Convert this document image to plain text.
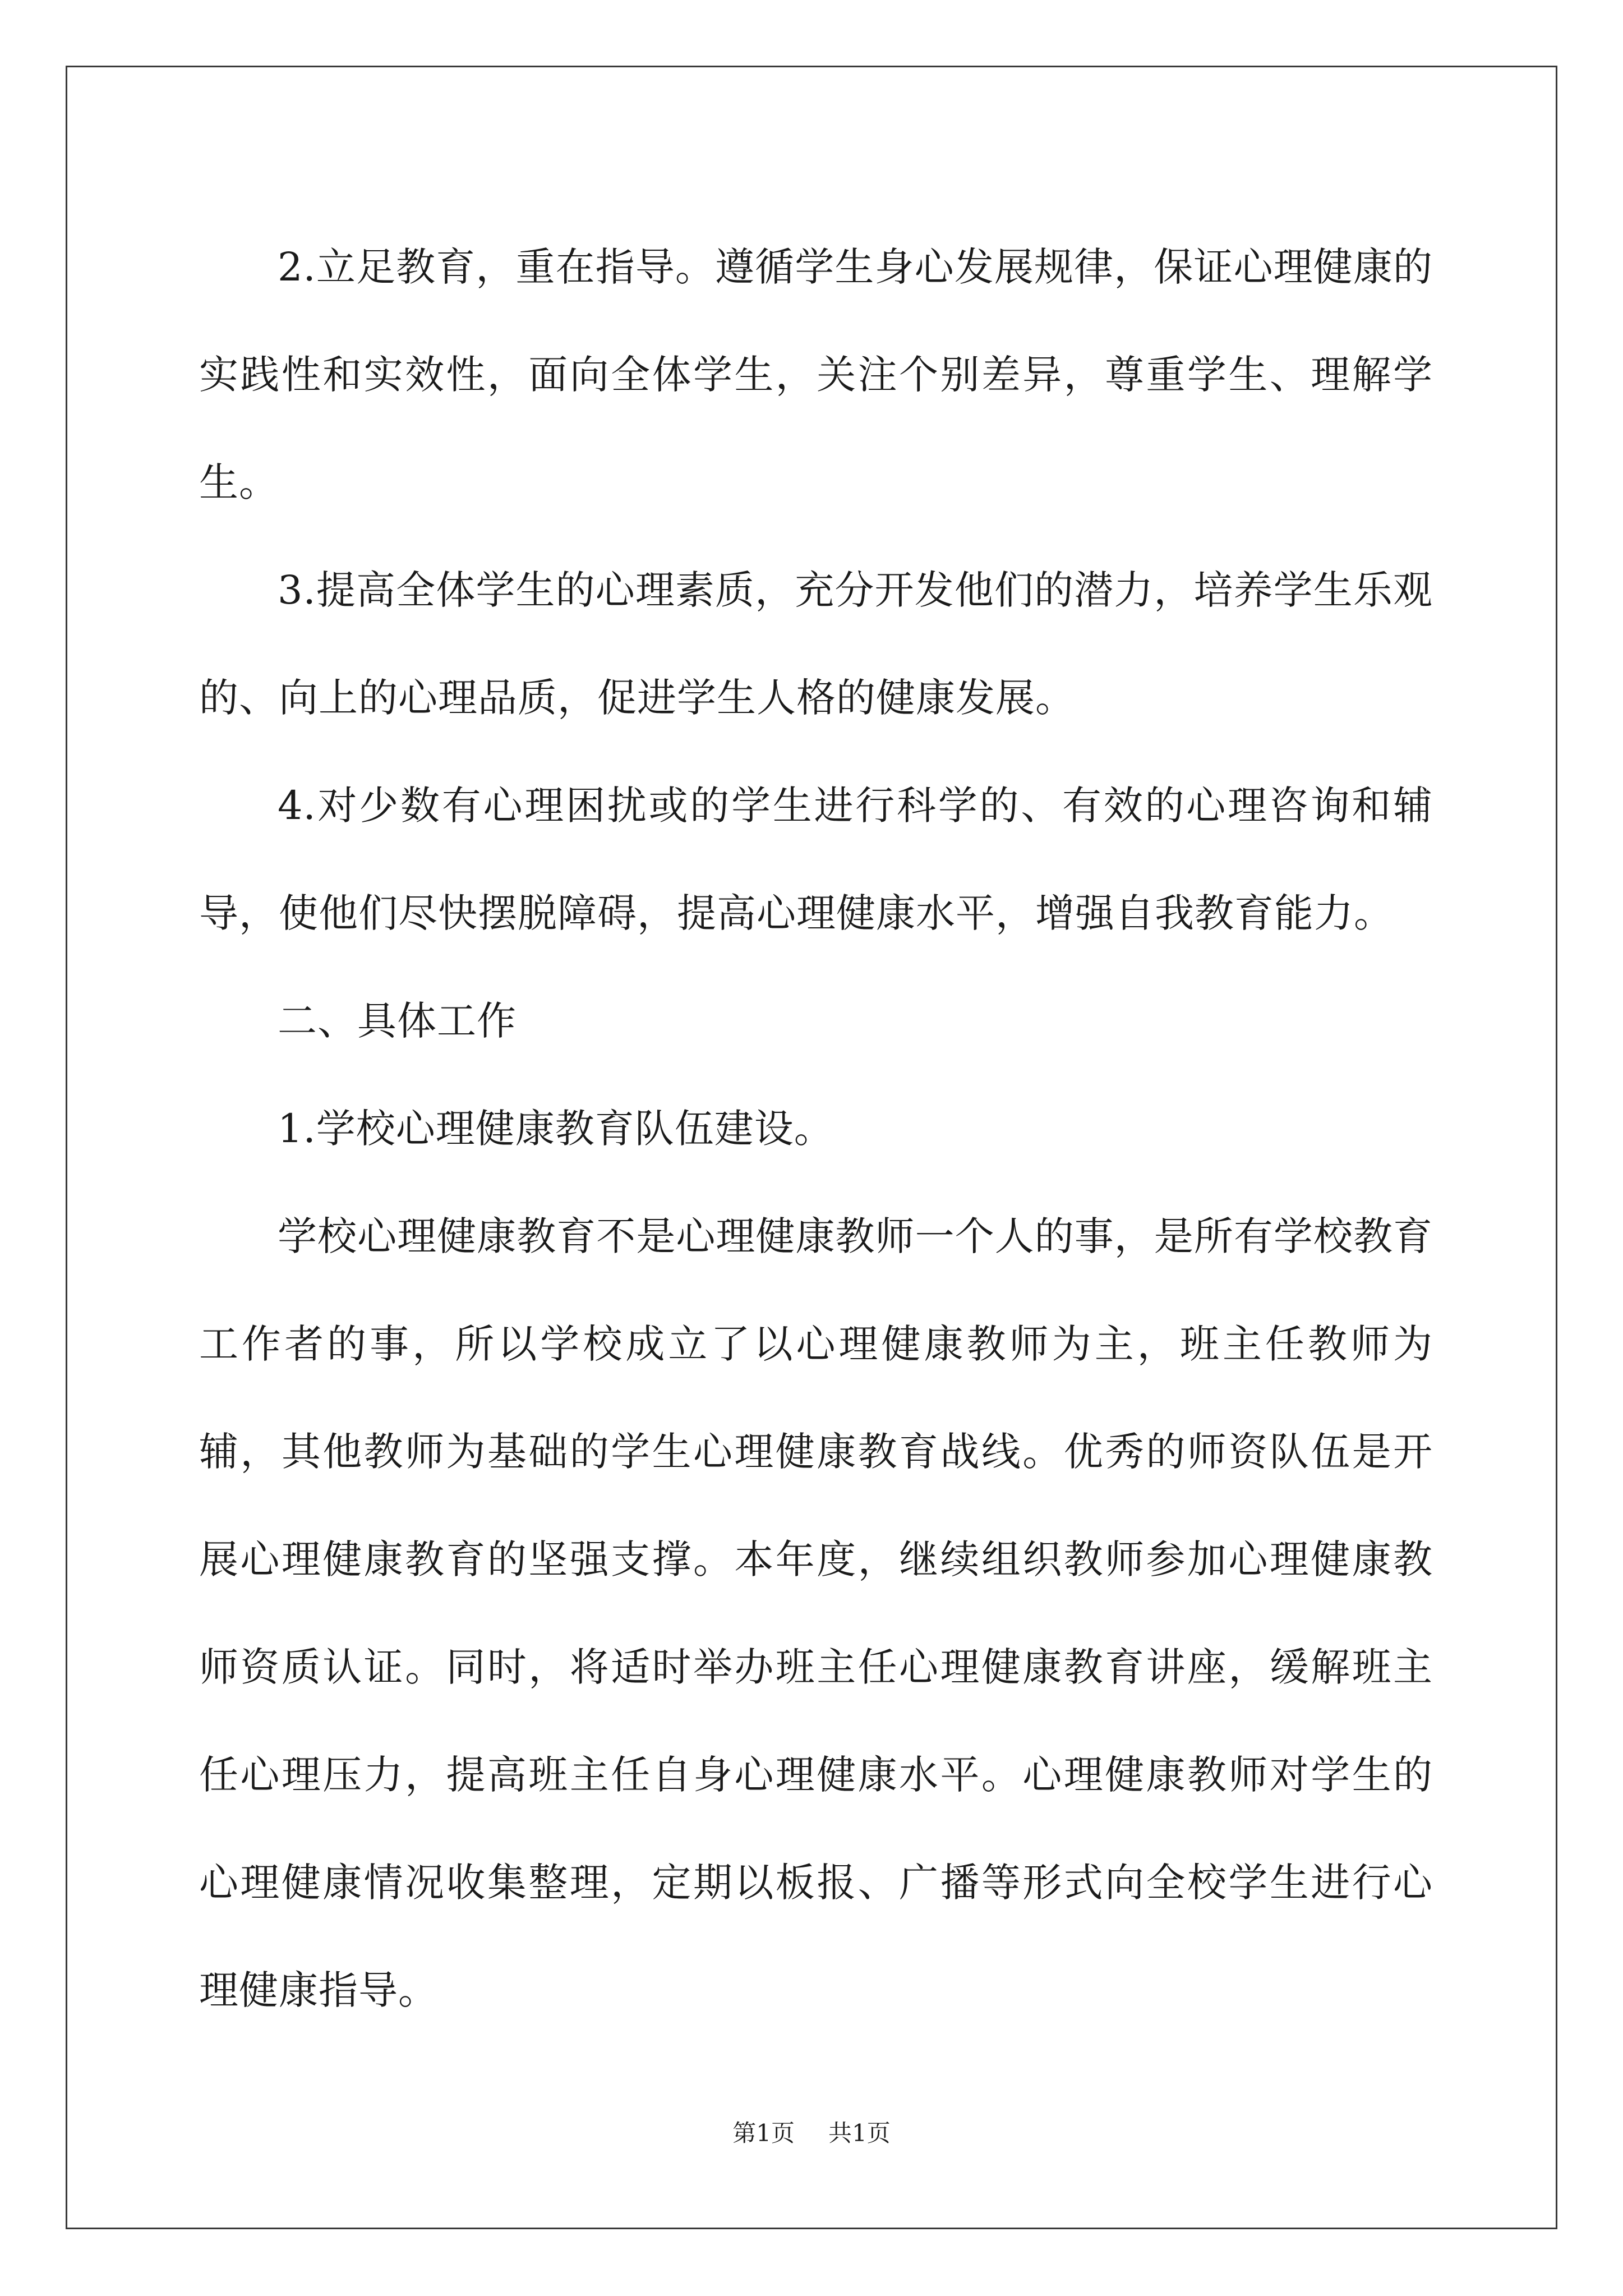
2.立足教育，重在指导。遵循学生身心发展规律，保证心理健康的实践性和实效性，面向全体学生，关注个别差异，尊重学生、理解学生。

3.提高全体学生的心理素质，充分开发他们的潜力，培养学生乐观的、向上的心理品质，促进学生人格的健康发展。

4.对少数有心理困扰或的学生进行科学的、有效的心理咨询和辅导，使他们尽快摆脱障碍，提高心理健康水平，增强自我教育能力。

二、具体工作

1.学校心理健康教育队伍建设。

学校心理健康教育不是心理健康教师一个人的事，是所有学校教育工作者的事，所以学校成立了以心理健康教师为主，班主任教师为辅，其他教师为基础的学生心理健康教育战线。优秀的师资队伍是开展心理健康教育的坚强支撑。本年度，继续组织教师参加心理健康教师资质认证。同时，将适时举办班主任心理健康教育讲座，缓解班主任心理压力，提高班主任自身心理健康水平。心理健康教师对学生的心理健康情况收集整理，定期以板报、广播等形式向全校学生进行心理健康指导。

第1页 共1页
